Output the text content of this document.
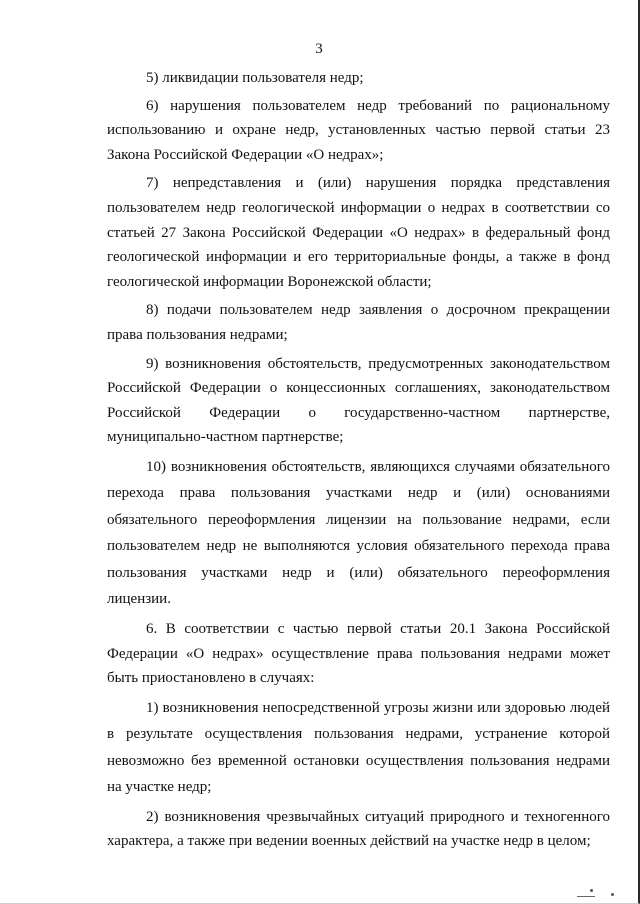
3

5) ликвидации пользователя недр;

6) нарушения пользователем недр требований по рациональному использованию и охране недр, установленных частью первой статьи 23 Закона Российской Федерации «О недрах»;

7) непредставления и (или) нарушения порядка представления пользователем недр геологической информации о недрах в соответствии со статьей 27 Закона Российской Федерации «О недрах» в федеральный фонд геологической информации и его территориальные фонды, а также в фонд геологической информации Воронежской области;

8) подачи пользователем недр заявления о досрочном прекращении права пользования недрами;

9) возникновения обстоятельств, предусмотренных законодательством Российской Федерации о концессионных соглашениях, законодательством Российской Федерации о государственно-частном партнерстве, муниципально-частном партнерстве;

10) возникновения обстоятельств, являющихся случаями обязательного перехода права пользования участками недр и (или) основаниями обязательного переоформления лицензии на пользование недрами, если пользователем недр не выполняются условия обязательного перехода права пользования участками недр и (или) обязательного переоформления лицензии.

6. В соответствии с частью первой статьи 20.1 Закона Российской Федерации «О недрах» осуществление права пользования недрами может быть приостановлено в случаях:

1) возникновения непосредственной угрозы жизни или здоровью людей в результате осуществления пользования недрами, устранение которой невозможно без временной остановки осуществления пользования недрами на участке недр;

2) возникновения чрезвычайных ситуаций природного и техногенного характера, а также при ведении военных действий на участке недр в целом;
